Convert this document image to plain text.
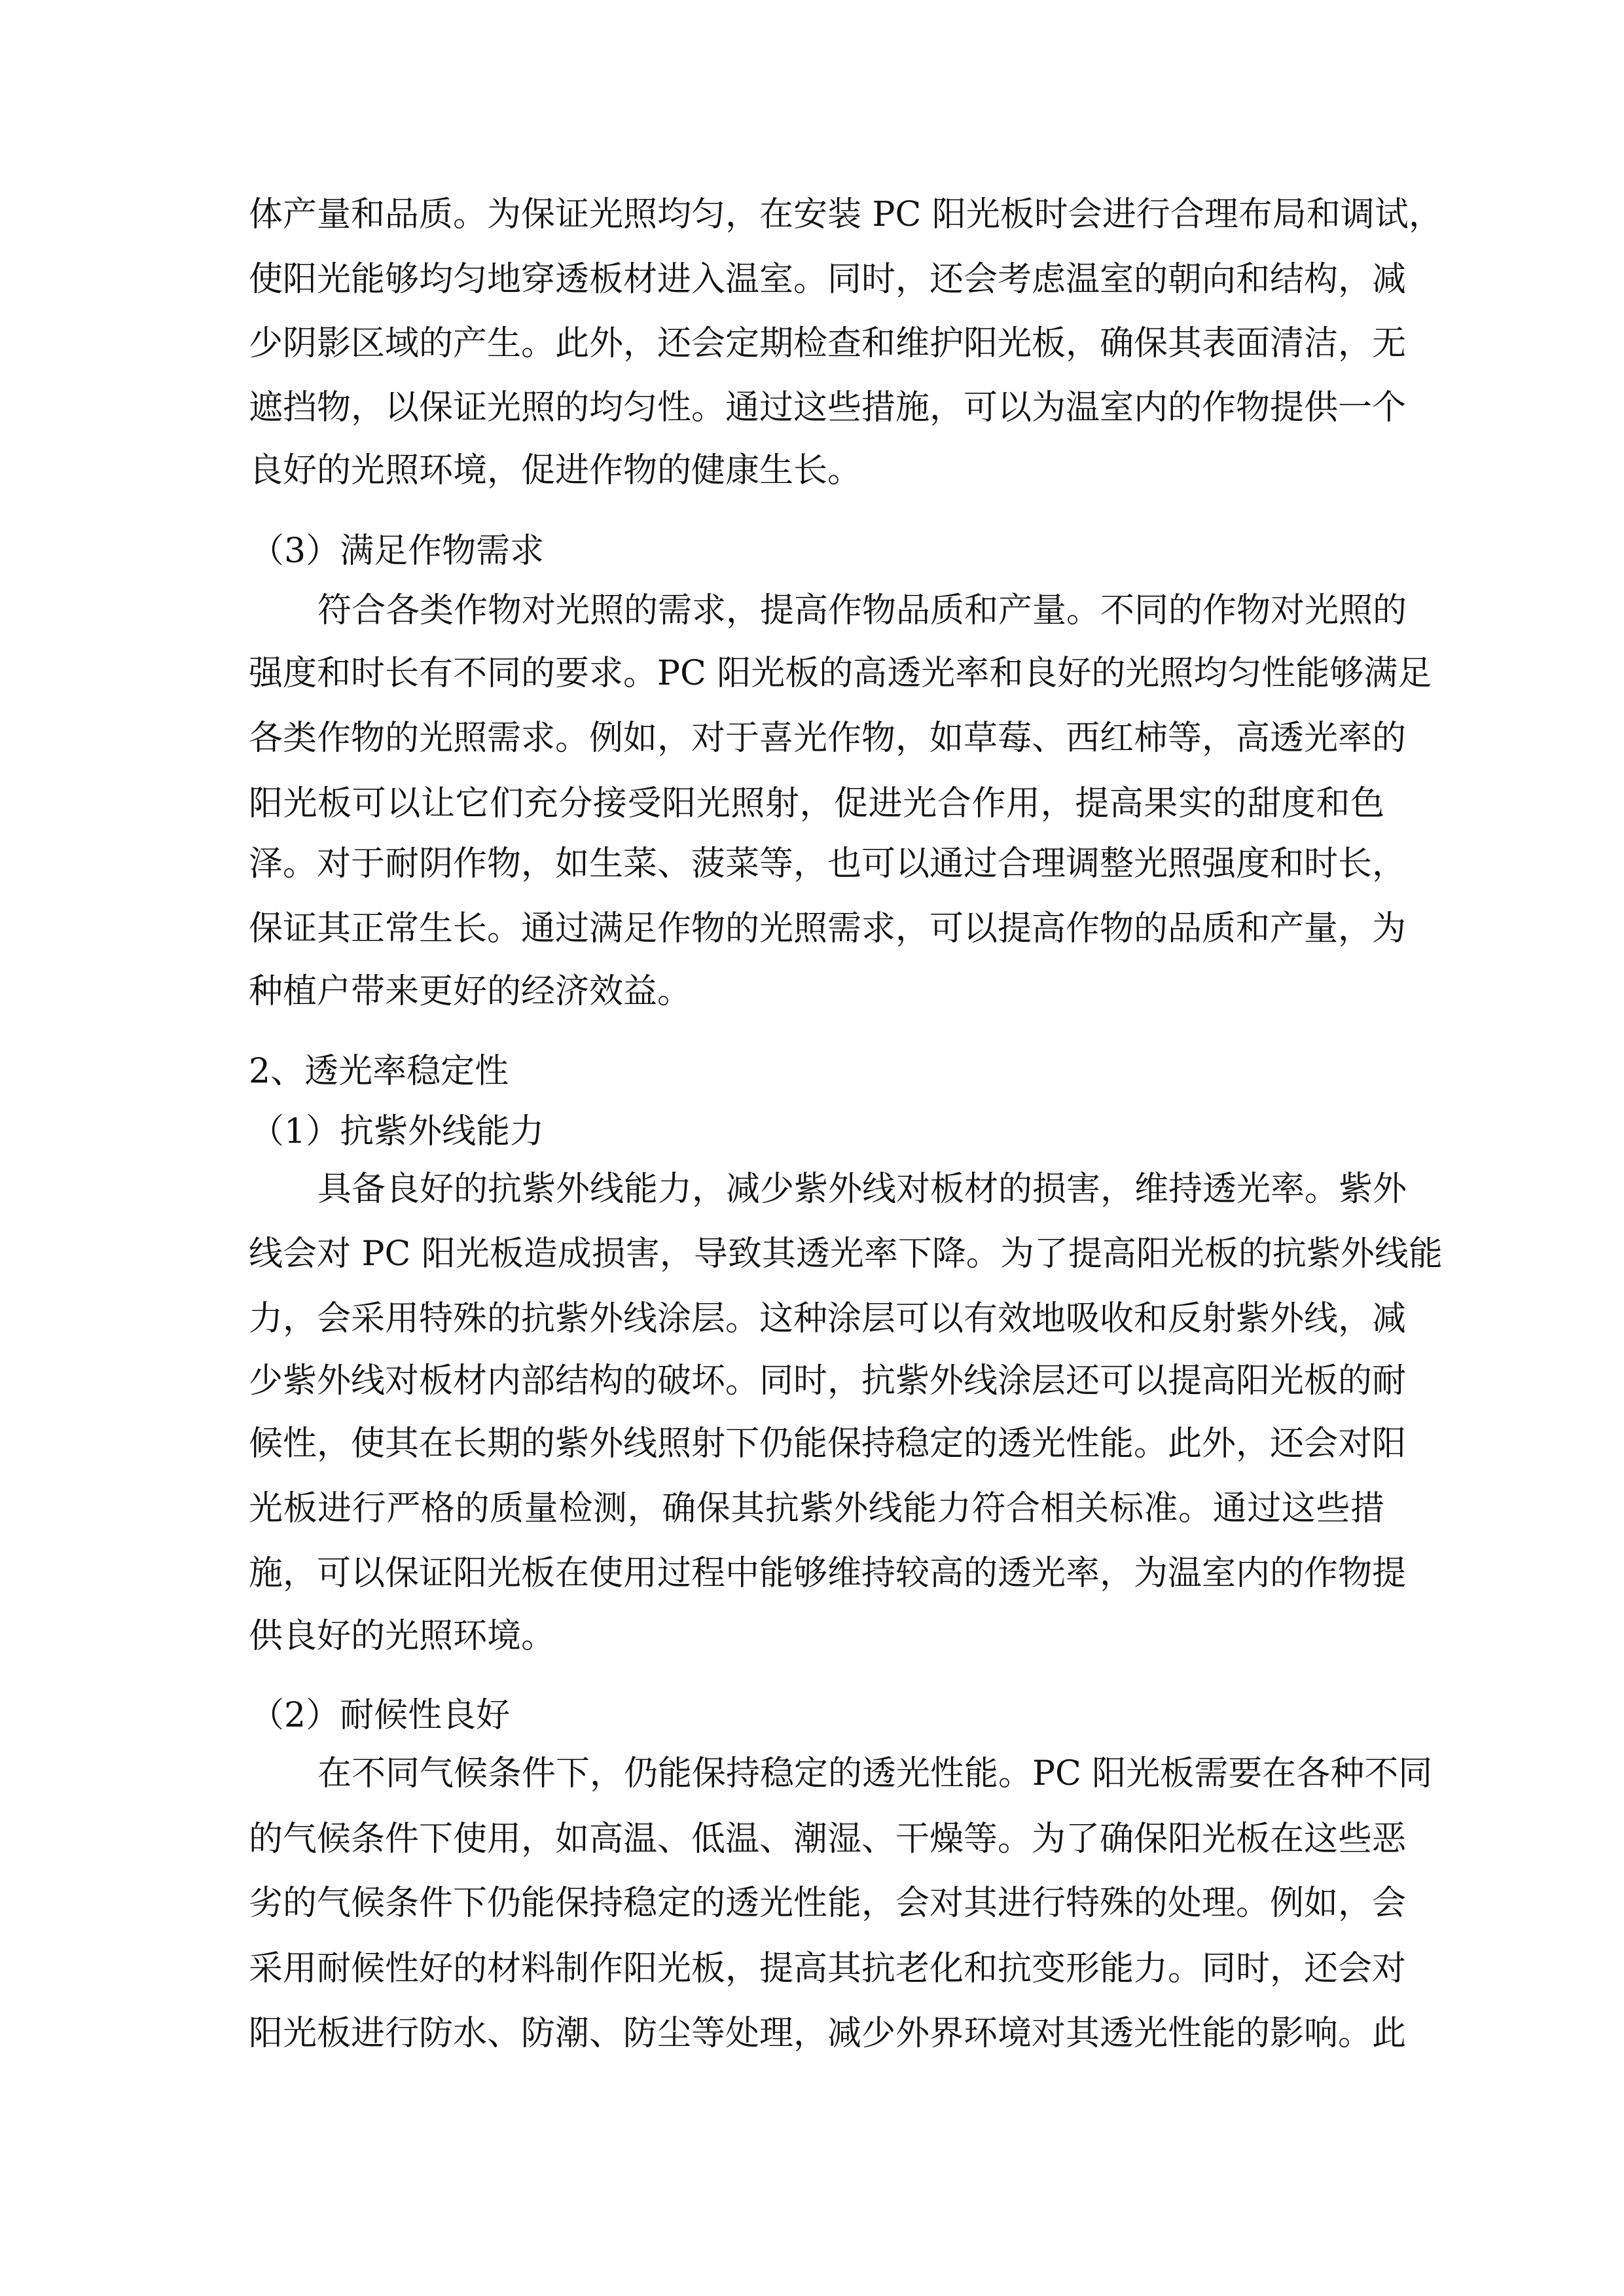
体产量和品质。为保证光照均匀，在安装 PC 阳光板时会进行合理布局和调试，
使阳光能够均匀地穿透板材进入温室。同时，还会考虑温室的朝向和结构，减
少阴影区域的产生。此外，还会定期检查和维护阳光板，确保其表面清洁，无
遮挡物，以保证光照的均匀性。通过这些措施，可以为温室内的作物提供一个
良好的光照环境，促进作物的健康生长。
（3）满足作物需求
符合各类作物对光照的需求，提高作物品质和产量。不同的作物对光照的
强度和时长有不同的要求。PC 阳光板的高透光率和良好的光照均匀性能够满足
各类作物的光照需求。例如，对于喜光作物，如草莓、西红柿等，高透光率的
阳光板可以让它们充分接受阳光照射，促进光合作用，提高果实的甜度和色
泽。对于耐阴作物，如生菜、菠菜等，也可以通过合理调整光照强度和时长，
保证其正常生长。通过满足作物的光照需求，可以提高作物的品质和产量，为
种植户带来更好的经济效益。
2、透光率稳定性
（1）抗紫外线能力
具备良好的抗紫外线能力，减少紫外线对板材的损害，维持透光率。紫外
线会对 PC 阳光板造成损害，导致其透光率下降。为了提高阳光板的抗紫外线能
力，会采用特殊的抗紫外线涂层。这种涂层可以有效地吸收和反射紫外线，减
少紫外线对板材内部结构的破坏。同时，抗紫外线涂层还可以提高阳光板的耐
候性，使其在长期的紫外线照射下仍能保持稳定的透光性能。此外，还会对阳
光板进行严格的质量检测，确保其抗紫外线能力符合相关标准。通过这些措
施，可以保证阳光板在使用过程中能够维持较高的透光率，为温室内的作物提
供良好的光照环境。
（2）耐候性良好
在不同气候条件下，仍能保持稳定的透光性能。PC 阳光板需要在各种不同
的气候条件下使用，如高温、低温、潮湿、干燥等。为了确保阳光板在这些恶
劣的气候条件下仍能保持稳定的透光性能，会对其进行特殊的处理。例如，会
采用耐候性好的材料制作阳光板，提高其抗老化和抗变形能力。同时，还会对
阳光板进行防水、防潮、防尘等处理，减少外界环境对其透光性能的影响。此
